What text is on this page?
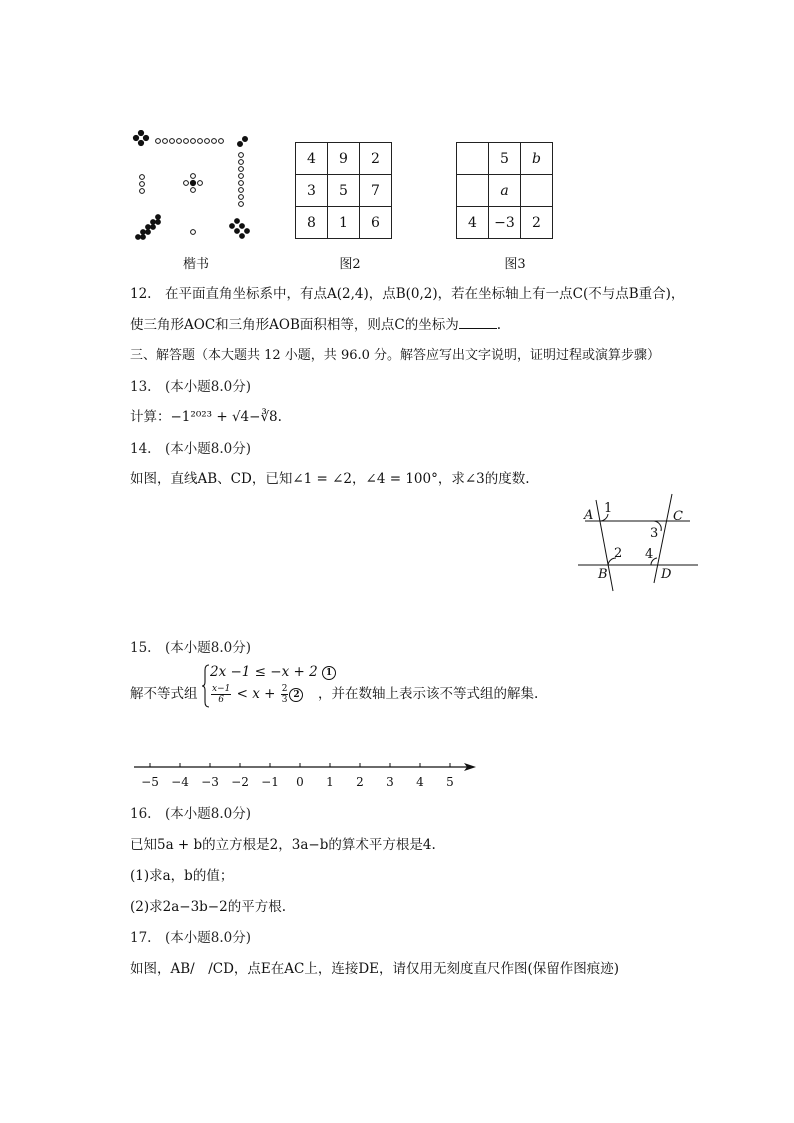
楷书
4	9	2
3	5	7
8	1	6
图2
	5	b
	a	
4	−3	2
图3
12. 在平面直角坐标系中，有点A(2,4)，点B(0,2)，若在坐标轴上有一点C(不与点B重合)，
使三角形AOC和三角形AOB面积相等，则点C的坐标为	.
三、解答题（本大题共 12 小题，共 96.0 分。解答应写出文字说明，证明过程或演算步骤）
13. (本小题8.0分)
计算：−1²⁰²³ + √4−∛8.
14. (本小题8.0分)
如图，直线AB、CD，已知∠1 = ∠2，∠4 = 100°，求∠3的度数.
A 1
C
3
2 4
B	D
15. (本小题8.0分)
解不等式组
2x −1 ≤ −x + 2 1
$\frac{x-1}{6} < x + \frac{2}{3} 2$ ，并在数轴上表示该不等式组的解集.
−5 −4 −3 −2 −1 0 1 2 3 4 5
16. (本小题8.0分)
已知5a + b的立方根是2，3a−b的算术平方根是4.
(1)求a，b的值；
(2)求2a−3b−2的平方根.
17. (本小题8.0分)
如图，AB/ /CD，点E在AC上，连接DE，请仅用无刻度直尺作图(保留作图痕迹)
